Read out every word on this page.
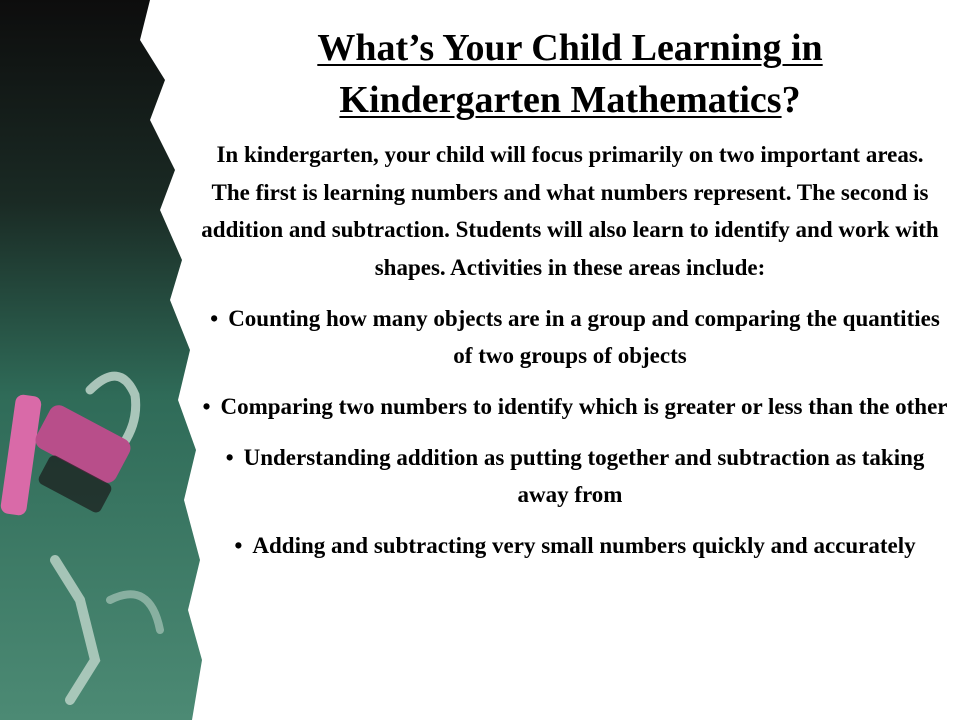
What’s Your Child Learning in
Kindergarten Mathematics?

In kindergarten, your child will focus primarily on two important areas. The first is learning numbers and what numbers represent. The second is addition and subtraction. Students will also learn to identify and work with shapes. Activities in these areas include:

• Counting how many objects are in a group and comparing the quantities of two groups of objects
• Comparing two numbers to identify which is greater or less than the other
• Understanding addition as putting together and subtraction as taking away from
• Adding and subtracting very small numbers quickly and accurately
